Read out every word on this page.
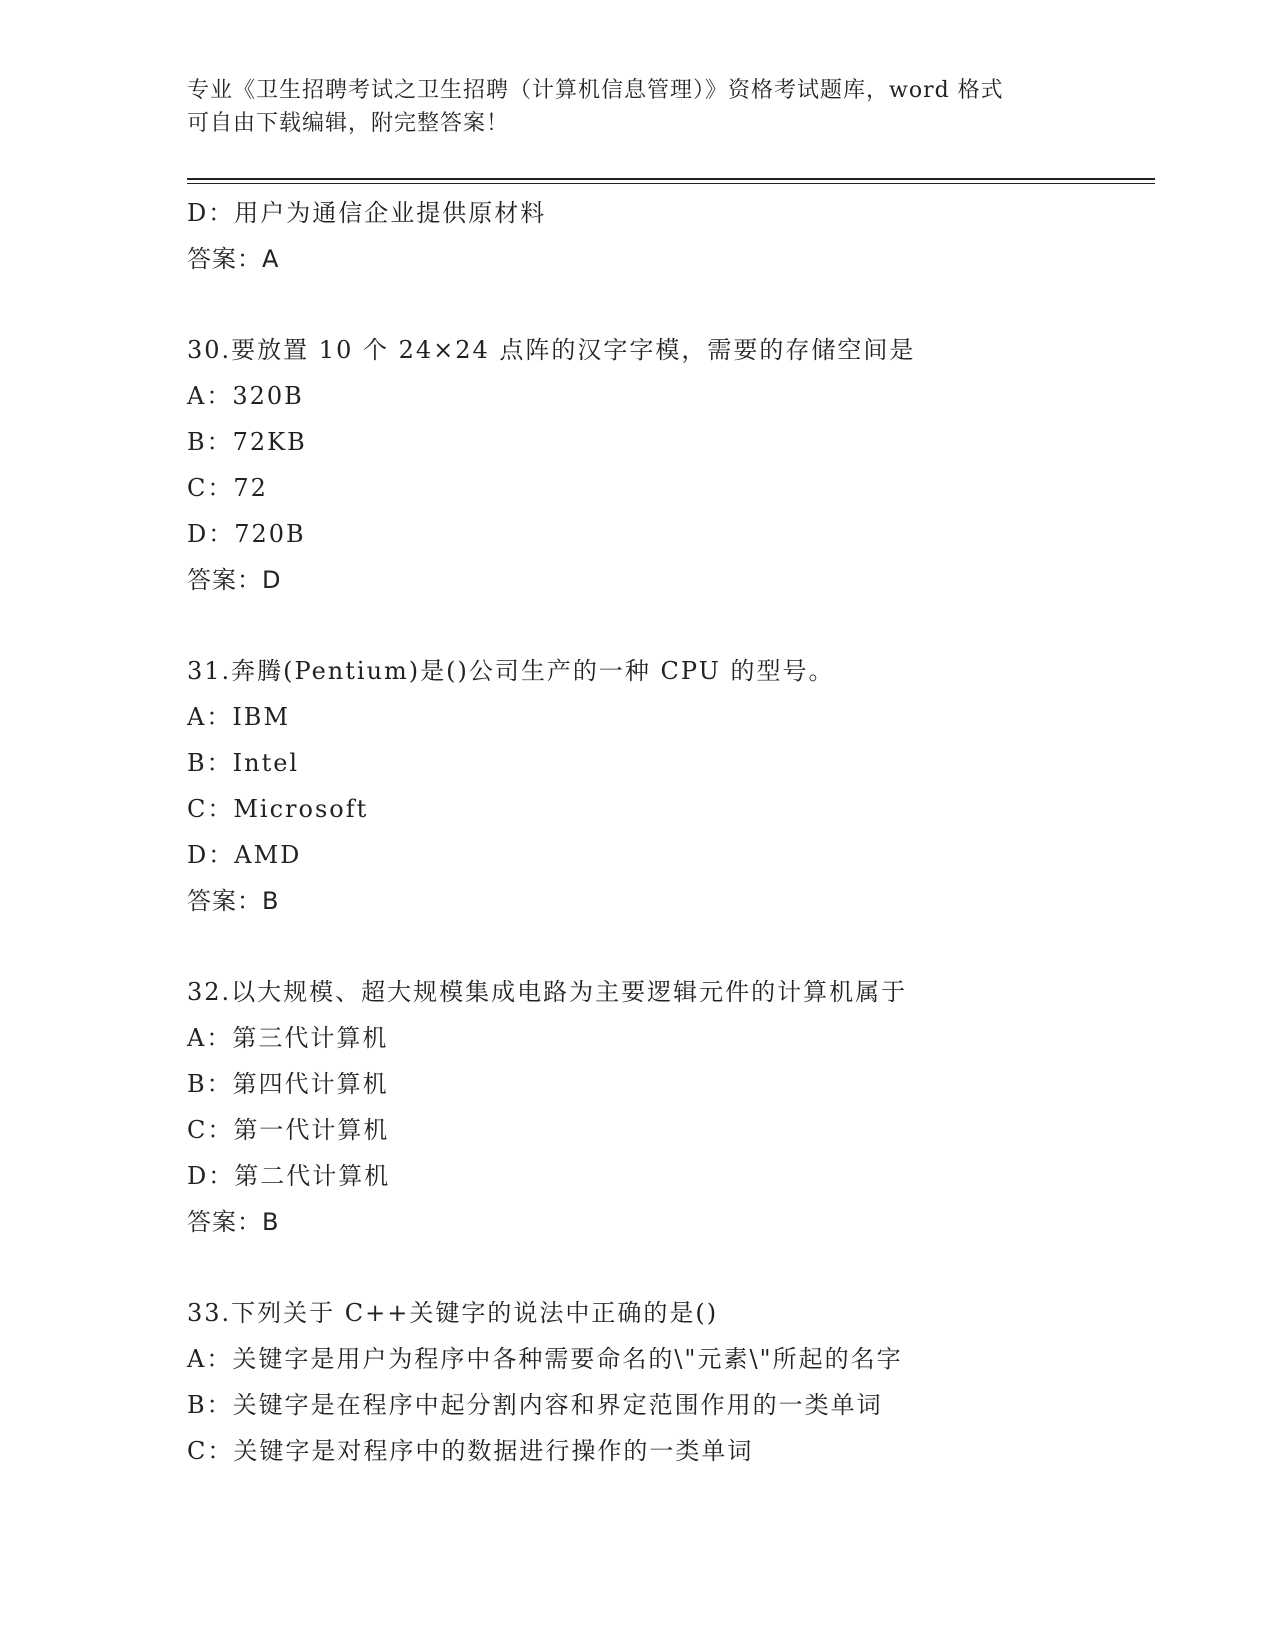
专业《卫生招聘考试之卫生招聘（计算机信息管理）》资格考试题库，word 格式
可自由下载编辑，附完整答案！
D：用户为通信企业提供原材料
答案：A
30.要放置 10 个 24×24 点阵的汉字字模，需要的存储空间是
A：320B
B：72KB
C：72
D：720B
答案：D
31.奔腾(Pentium)是()公司生产的一种 CPU 的型号。
A：IBM
B：Intel
C：Microsoft
D：AMD
答案：B
32.以大规模、超大规模集成电路为主要逻辑元件的计算机属于
A：第三代计算机
B：第四代计算机
C：第一代计算机
D：第二代计算机
答案：B
33.下列关于 C++关键字的说法中正确的是()
A：关键字是用户为程序中各种需要命名的\"元素\"所起的名字
B：关键字是在程序中起分割内容和界定范围作用的一类单词
C：关键字是对程序中的数据进行操作的一类单词
